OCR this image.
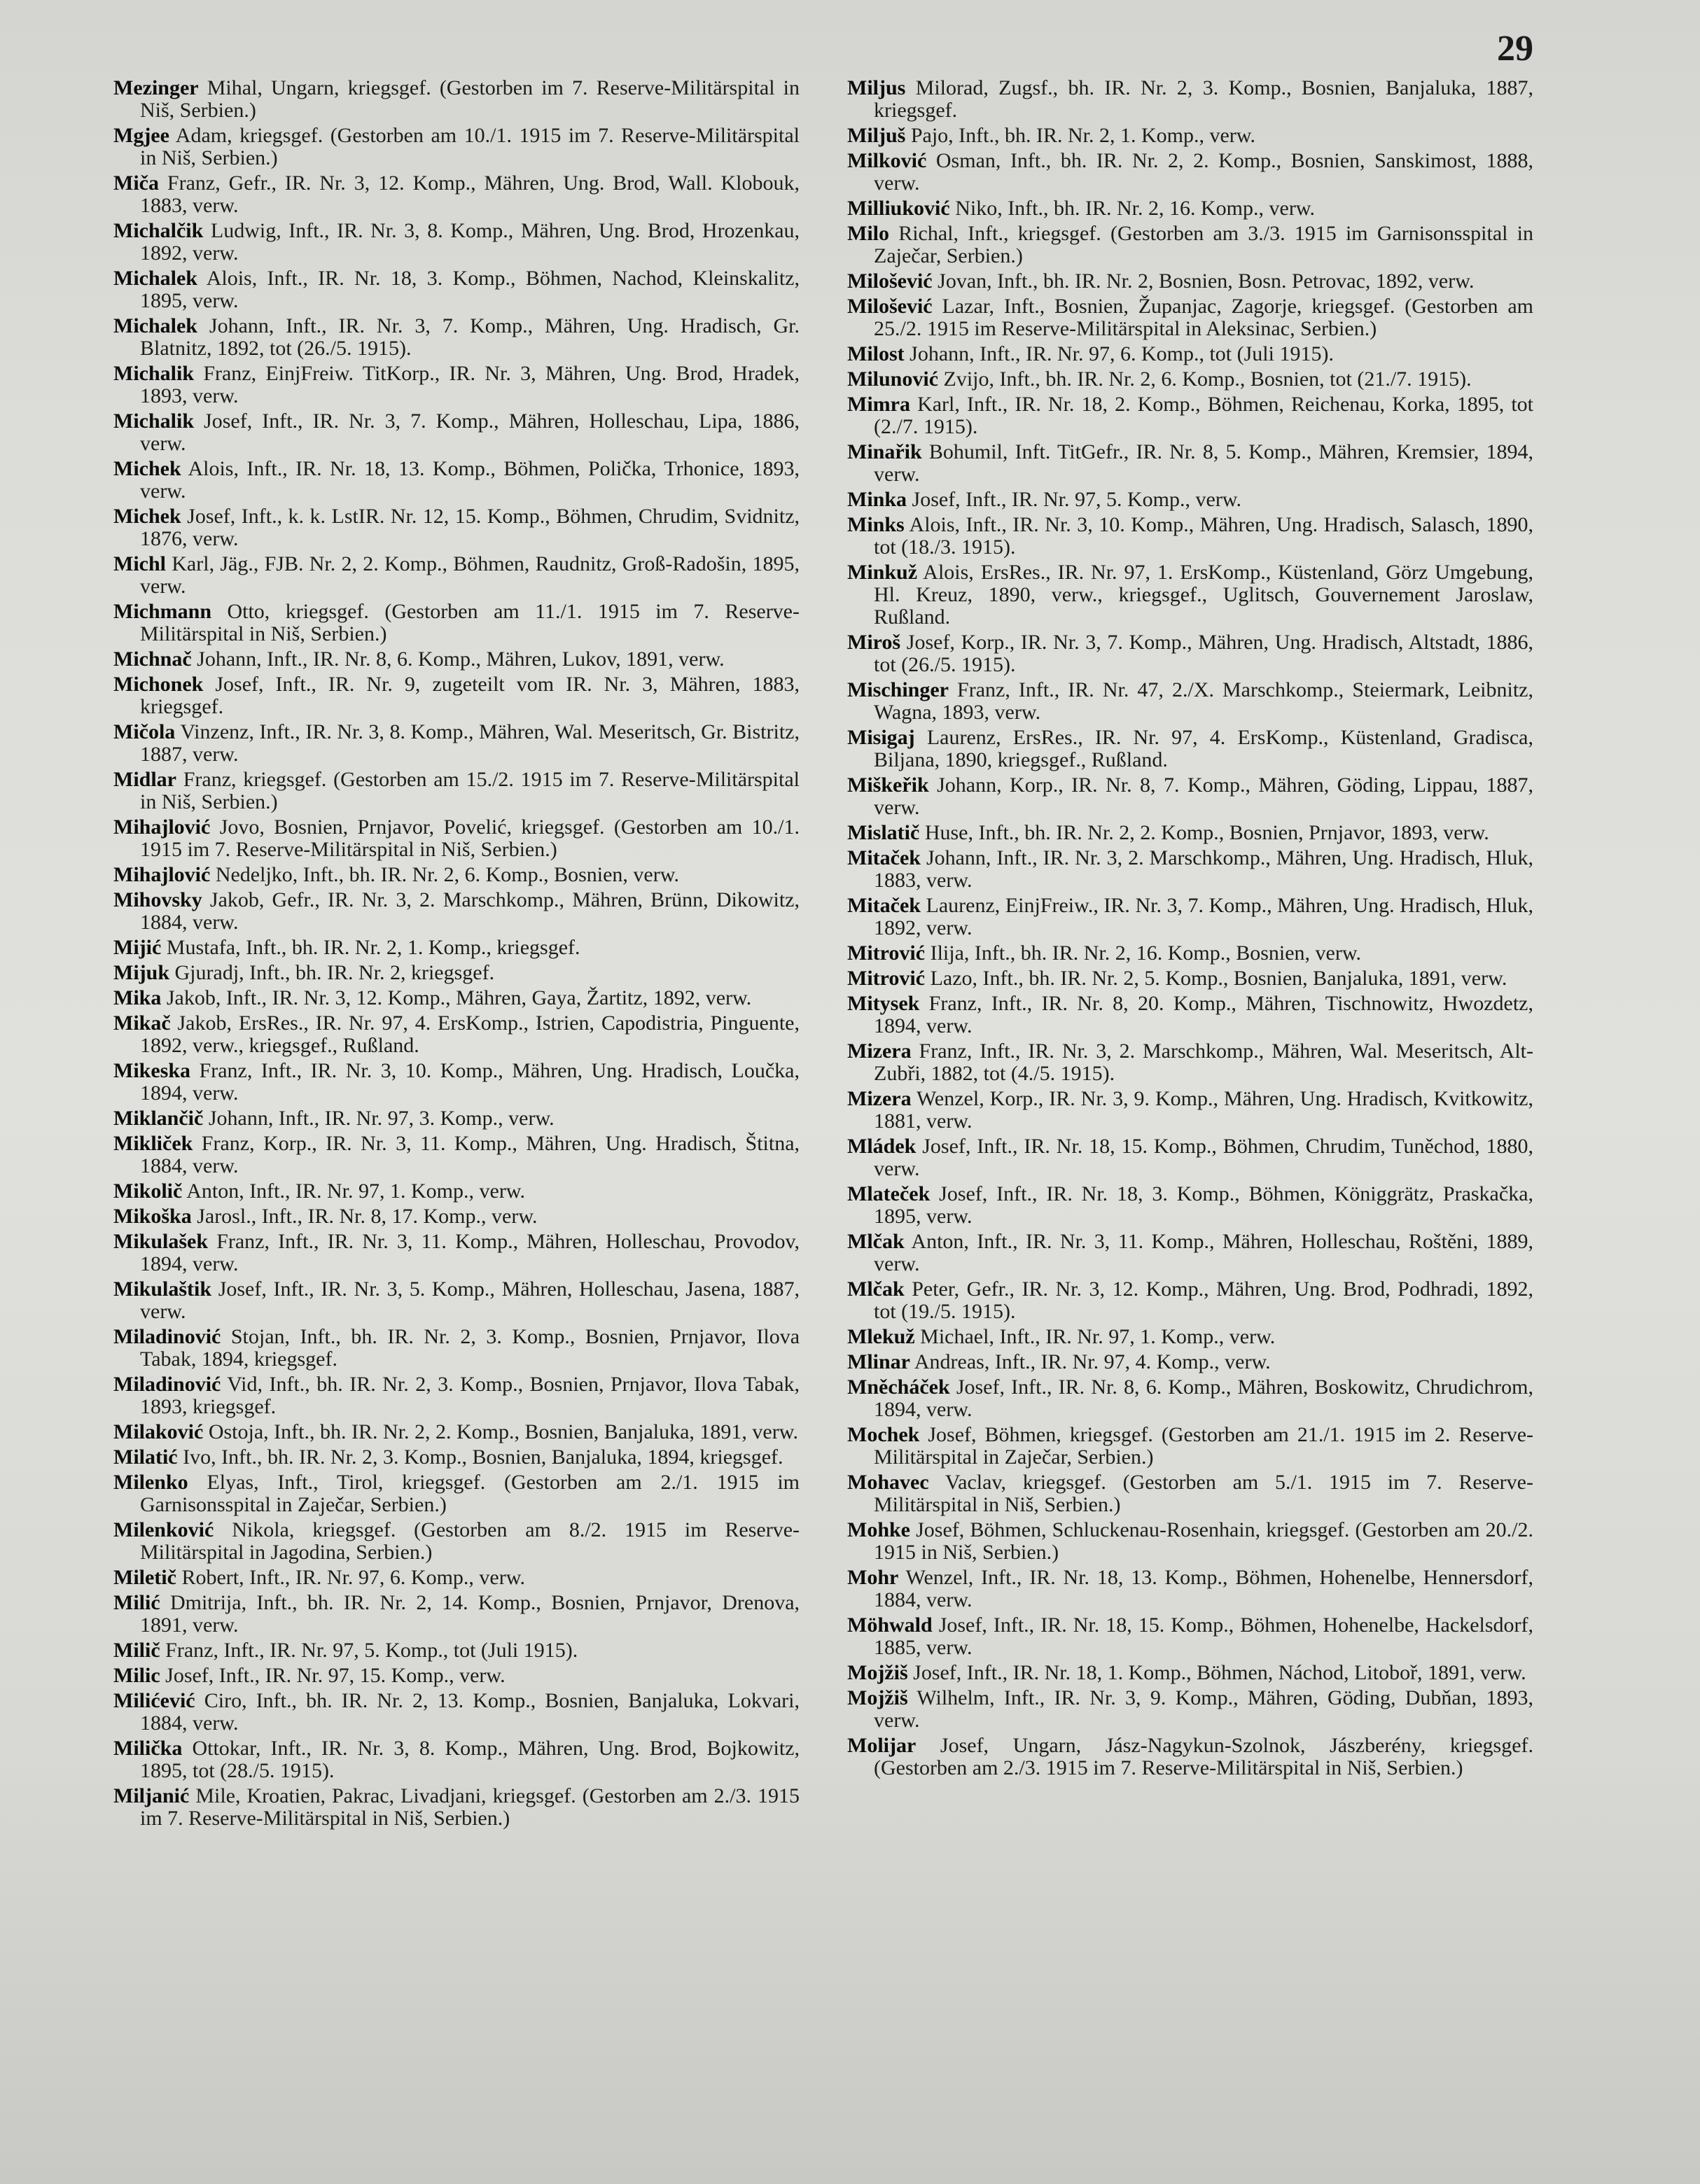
29
Mezinger Mihal, Ungarn, kriegsgef. (Gestorben im 7. Reserve-Militärspital in Niš, Serbien.)
Mgjee Adam, kriegsgef. (Gestorben am 10./1. 1915 im 7. Reserve-Militärspital in Niš, Serbien.)
Miča Franz, Gefr., IR. Nr. 3, 12. Komp., Mähren, Ung. Brod, Wall. Klobouk, 1883, verw.
Michalčik Ludwig, Inft., IR. Nr. 3, 8. Komp., Mähren, Ung. Brod, Hrozenkau, 1892, verw.
Michalek Alois, Inft., IR. Nr. 18, 3. Komp., Böhmen, Nachod, Kleinskalitz, 1895, verw.
Michalek Johann, Inft., IR. Nr. 3, 7. Komp., Mähren, Ung. Hradisch, Gr. Blatnitz, 1892, tot (26./5. 1915).
Michalik Franz, EinjFreiw. TitKorp., IR. Nr. 3, Mähren, Ung. Brod, Hradek, 1893, verw.
Michalik Josef, Inft., IR. Nr. 3, 7. Komp., Mähren, Holleschau, Lipa, 1886, verw.
Michek Alois, Inft., IR. Nr. 18, 13. Komp., Böhmen, Polička, Trhonice, 1893, verw.
Michek Josef, Inft., k. k. LstIR. Nr. 12, 15. Komp., Böhmen, Chrudim, Svidnitz, 1876, verw.
Michl Karl, Jäg., FJB. Nr. 2, 2. Komp., Böhmen, Raudnitz, Groß-Radošin, 1895, verw.
Michmann Otto, kriegsgef. (Gestorben am 11./1. 1915 im 7. Reserve-Militärspital in Niš, Serbien.)
Michnač Johann, Inft., IR. Nr. 8, 6. Komp., Mähren, Lukov, 1891, verw.
Michonek Josef, Inft., IR. Nr. 9, zugeteilt vom IR. Nr. 3, Mähren, 1883, kriegsgef.
Mičola Vinzenz, Inft., IR. Nr. 3, 8. Komp., Mähren, Wal. Meseritsch, Gr. Bistritz, 1887, verw.
Midlar Franz, kriegsgef. (Gestorben am 15./2. 1915 im 7. Reserve-Militärspital in Niš, Serbien.)
Mihajlović Jovo, Bosnien, Prnjavor, Povelić, kriegsgef. (Gestorben am 10./1. 1915 im 7. Reserve-Militärspital in Niš, Serbien.)
Mihajlović Nedeljko, Inft., bh. IR. Nr. 2, 6. Komp., Bosnien, verw.
Mihovsky Jakob, Gefr., IR. Nr. 3, 2. Marschkomp., Mähren, Brünn, Dikowitz, 1884, verw.
Mijić Mustafa, Inft., bh. IR. Nr. 2, 1. Komp., kriegsgef.
Mijuk Gjuradj, Inft., bh. IR. Nr. 2, kriegsgef.
Mika Jakob, Inft., IR. Nr. 3, 12. Komp., Mähren, Gaya, Žartitz, 1892, verw.
Mikač Jakob, ErsRes., IR. Nr. 97, 4. ErsKomp., Istrien, Capodistria, Pinguente, 1892, verw., kriegsgef., Rußland.
Mikeska Franz, Inft., IR. Nr. 3, 10. Komp., Mähren, Ung. Hradisch, Loučka, 1894, verw.
Miklančič Johann, Inft., IR. Nr. 97, 3. Komp., verw.
Mikliček Franz, Korp., IR. Nr. 3, 11. Komp., Mähren, Ung. Hradisch, Štitna, 1884, verw.
Mikolič Anton, Inft., IR. Nr. 97, 1. Komp., verw.
Mikoška Jarosl., Inft., IR. Nr. 8, 17. Komp., verw.
Mikulašek Franz, Inft., IR. Nr. 3, 11. Komp., Mähren, Holleschau, Provodov, 1894, verw.
Mikulaštik Josef, Inft., IR. Nr. 3, 5. Komp., Mähren, Holleschau, Jasena, 1887, verw.
Miladinović Stojan, Inft., bh. IR. Nr. 2, 3. Komp., Bosnien, Prnjavor, Ilova Tabak, 1894, kriegsgef.
Miladinović Vid, Inft., bh. IR. Nr. 2, 3. Komp., Bosnien, Prnjavor, Ilova Tabak, 1893, kriegsgef.
Milaković Ostoja, Inft., bh. IR. Nr. 2, 2. Komp., Bosnien, Banjaluka, 1891, verw.
Milatić Ivo, Inft., bh. IR. Nr. 2, 3. Komp., Bosnien, Banjaluka, 1894, kriegsgef.
Milenko Elyas, Inft., Tirol, kriegsgef. (Gestorben am 2./1. 1915 im Garnisonsspital in Zaječar, Serbien.)
Milenković Nikola, kriegsgef. (Gestorben am 8./2. 1915 im Reserve-Militärspital in Jagodina, Serbien.)
Miletič Robert, Inft., IR. Nr. 97, 6. Komp., verw.
Milić Dmitrija, Inft., bh. IR. Nr. 2, 14. Komp., Bosnien, Prnjavor, Drenova, 1891, verw.
Milič Franz, Inft., IR. Nr. 97, 5. Komp., tot (Juli 1915).
Milic Josef, Inft., IR. Nr. 97, 15. Komp., verw.
Milićević Ciro, Inft., bh. IR. Nr. 2, 13. Komp., Bosnien, Banjaluka, Lokvari, 1884, verw.
Milička Ottokar, Inft., IR. Nr. 3, 8. Komp., Mähren, Ung. Brod, Bojkowitz, 1895, tot (28./5. 1915).
Miljanić Mile, Kroatien, Pakrac, Livadjani, kriegsgef. (Gestorben am 2./3. 1915 im 7. Reserve-Militärspital in Niš, Serbien.)
Miljus Milorad, Zugsf., bh. IR. Nr. 2, 3. Komp., Bosnien, Banjaluka, 1887, kriegsgef.
Miljuš Pajo, Inft., bh. IR. Nr. 2, 1. Komp., verw.
Milković Osman, Inft., bh. IR. Nr. 2, 2. Komp., Bosnien, Sanskimost, 1888, verw.
Milliuković Niko, Inft., bh. IR. Nr. 2, 16. Komp., verw.
Milo Richal, Inft., kriegsgef. (Gestorben am 3./3. 1915 im Garnisonsspital in Zaječar, Serbien.)
Milošević Jovan, Inft., bh. IR. Nr. 2, Bosnien, Bosn. Petrovac, 1892, verw.
Milošević Lazar, Inft., Bosnien, Županjac, Zagorje, kriegsgef. (Gestorben am 25./2. 1915 im Reserve-Militärspital in Aleksinac, Serbien.)
Milost Johann, Inft., IR. Nr. 97, 6. Komp., tot (Juli 1915).
Milunović Zvijo, Inft., bh. IR. Nr. 2, 6. Komp., Bosnien, tot (21./7. 1915).
Mimra Karl, Inft., IR. Nr. 18, 2. Komp., Böhmen, Reichenau, Korka, 1895, tot (2./7. 1915).
Minařik Bohumil, Inft. TitGefr., IR. Nr. 8, 5. Komp., Mähren, Kremsier, 1894, verw.
Minka Josef, Inft., IR. Nr. 97, 5. Komp., verw.
Minks Alois, Inft., IR. Nr. 3, 10. Komp., Mähren, Ung. Hradisch, Salasch, 1890, tot (18./3. 1915).
Minkuž Alois, ErsRes., IR. Nr. 97, 1. ErsKomp., Küstenland, Görz Umgebung, Hl. Kreuz, 1890, verw., kriegsgef., Uglitsch, Gouvernement Jaroslaw, Rußland.
Miroš Josef, Korp., IR. Nr. 3, 7. Komp., Mähren, Ung. Hradisch, Altstadt, 1886, tot (26./5. 1915).
Mischinger Franz, Inft., IR. Nr. 47, 2./X. Marschkomp., Steiermark, Leibnitz, Wagna, 1893, verw.
Misigaj Laurenz, ErsRes., IR. Nr. 97, 4. ErsKomp., Küstenland, Gradisca, Biljana, 1890, kriegsgef., Rußland.
Miškeřik Johann, Korp., IR. Nr. 8, 7. Komp., Mähren, Göding, Lippau, 1887, verw.
Mislatič Huse, Inft., bh. IR. Nr. 2, 2. Komp., Bosnien, Prnjavor, 1893, verw.
Mitaček Johann, Inft., IR. Nr. 3, 2. Marschkomp., Mähren, Ung. Hradisch, Hluk, 1883, verw.
Mitaček Laurenz, EinjFreiw., IR. Nr. 3, 7. Komp., Mähren, Ung. Hradisch, Hluk, 1892, verw.
Mitrović Ilija, Inft., bh. IR. Nr. 2, 16. Komp., Bosnien, verw.
Mitrović Lazo, Inft., bh. IR. Nr. 2, 5. Komp., Bosnien, Banjaluka, 1891, verw.
Mitysek Franz, Inft., IR. Nr. 8, 20. Komp., Mähren, Tischnowitz, Hwozdetz, 1894, verw.
Mizera Franz, Inft., IR. Nr. 3, 2. Marschkomp., Mähren, Wal. Meseritsch, Alt-Zubři, 1882, tot (4./5. 1915).
Mizera Wenzel, Korp., IR. Nr. 3, 9. Komp., Mähren, Ung. Hradisch, Kvitkowitz, 1881, verw.
Mládek Josef, Inft., IR. Nr. 18, 15. Komp., Böhmen, Chrudim, Tuněchod, 1880, verw.
Mlateček Josef, Inft., IR. Nr. 18, 3. Komp., Böhmen, Königgrätz, Praskačka, 1895, verw.
Mlčak Anton, Inft., IR. Nr. 3, 11. Komp., Mähren, Holleschau, Roštěni, 1889, verw.
Mlčak Peter, Gefr., IR. Nr. 3, 12. Komp., Mähren, Ung. Brod, Podhradi, 1892, tot (19./5. 1915).
Mlekuž Michael, Inft., IR. Nr. 97, 1. Komp., verw.
Mlinar Andreas, Inft., IR. Nr. 97, 4. Komp., verw.
Mněcháček Josef, Inft., IR. Nr. 8, 6. Komp., Mähren, Boskowitz, Chrudichrom, 1894, verw.
Mochek Josef, Böhmen, kriegsgef. (Gestorben am 21./1. 1915 im 2. Reserve-Militärspital in Zaječar, Serbien.)
Mohavec Vaclav, kriegsgef. (Gestorben am 5./1. 1915 im 7. Reserve-Militärspital in Niš, Serbien.)
Mohke Josef, Böhmen, Schluckenau-Rosenhain, kriegsgef. (Gestorben am 20./2. 1915 in Niš, Serbien.)
Mohr Wenzel, Inft., IR. Nr. 18, 13. Komp., Böhmen, Hohenelbe, Hennersdorf, 1884, verw.
Möhwald Josef, Inft., IR. Nr. 18, 15. Komp., Böhmen, Hohenelbe, Hackelsdorf, 1885, verw.
Mojžiš Josef, Inft., IR. Nr. 18, 1. Komp., Böhmen, Náchod, Litoboř, 1891, verw.
Mojžiš Wilhelm, Inft., IR. Nr. 3, 9. Komp., Mähren, Göding, Dubňan, 1893, verw.
Molijar Josef, Ungarn, Jász-Nagykun-Szolnok, Jászberény, kriegsgef. (Gestorben am 2./3. 1915 im 7. Reserve-Militärspital in Niš, Serbien.)
